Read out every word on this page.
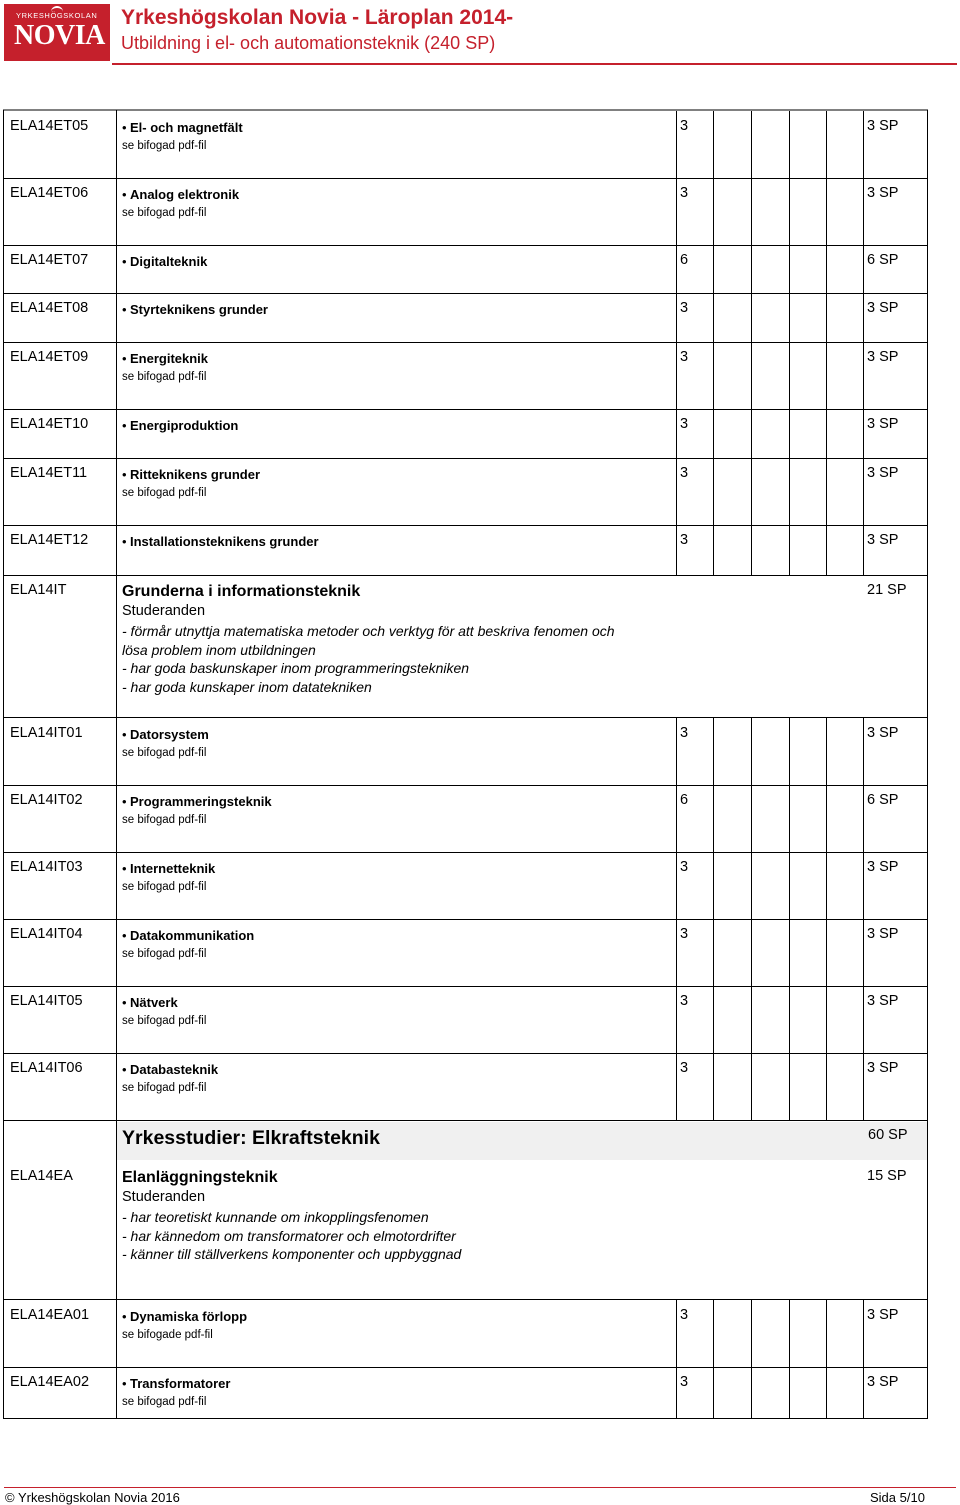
YRKESHÖGSKOLAN
NOVIA
Yrkeshögskolan Novia - Läroplan 2014-
Utbildning i el- och automationsteknik (240 SP)
ELA14ET05	• El- och magnetfält
se bifogad pdf-fil
3	3 SP
ELA14ET06	• Analog elektronik
se bifogad pdf-fil
3	3 SP
ELA14ET07	• Digitalteknik	6	6 SP
ELA14ET08	• Styrteknikens grunder	3	3 SP
ELA14ET09	• Energiteknik
se bifogad pdf-fil
3	3 SP
ELA14ET10	• Energiproduktion	3	3 SP
ELA14ET11	• Ritteknikens grunder
se bifogad pdf-fil
3	3 SP
ELA14ET12	• Installationsteknikens grunder	3	3 SP
ELA14IT	Grunderna i informationsteknik
Studeranden
- förmår utnyttja matematiska metoder och verktyg för att beskriva fenomen och
lösa problem inom utbildningen
- har goda baskunskaper inom programmeringstekniken
- har goda kunskaper inom datatekniken
21 SP
ELA14IT01	• Datorsystem
se bifogad pdf-fil
3	3 SP
ELA14IT02	• Programmeringsteknik
se bifogad pdf-fil
6	6 SP
ELA14IT03	• Internetteknik
se bifogad pdf-fil
3	3 SP
ELA14IT04	• Datakommunikation
se bifogad pdf-fil
3	3 SP
ELA14IT05	• Nätverk
se bifogad pdf-fil
3	3 SP
ELA14IT06	• Databasteknik
se bifogad pdf-fil
3	3 SP
Yrkesstudier: Elkraftsteknik	60 SP
ELA14EA	Elanläggningsteknik
Studeranden
- har teoretiskt kunnande om inkopplingsfenomen
- har kännedom om transformatorer och elmotordrifter
- känner till ställverkens komponenter och uppbyggnad
15 SP
ELA14EA01	• Dynamiska förlopp
se bifogade pdf-fil
3	3 SP
ELA14EA02	• Transformatorer
se bifogad pdf-fil
3	3 SP
© Yrkeshögskolan Novia 2016	Sida 5/10
